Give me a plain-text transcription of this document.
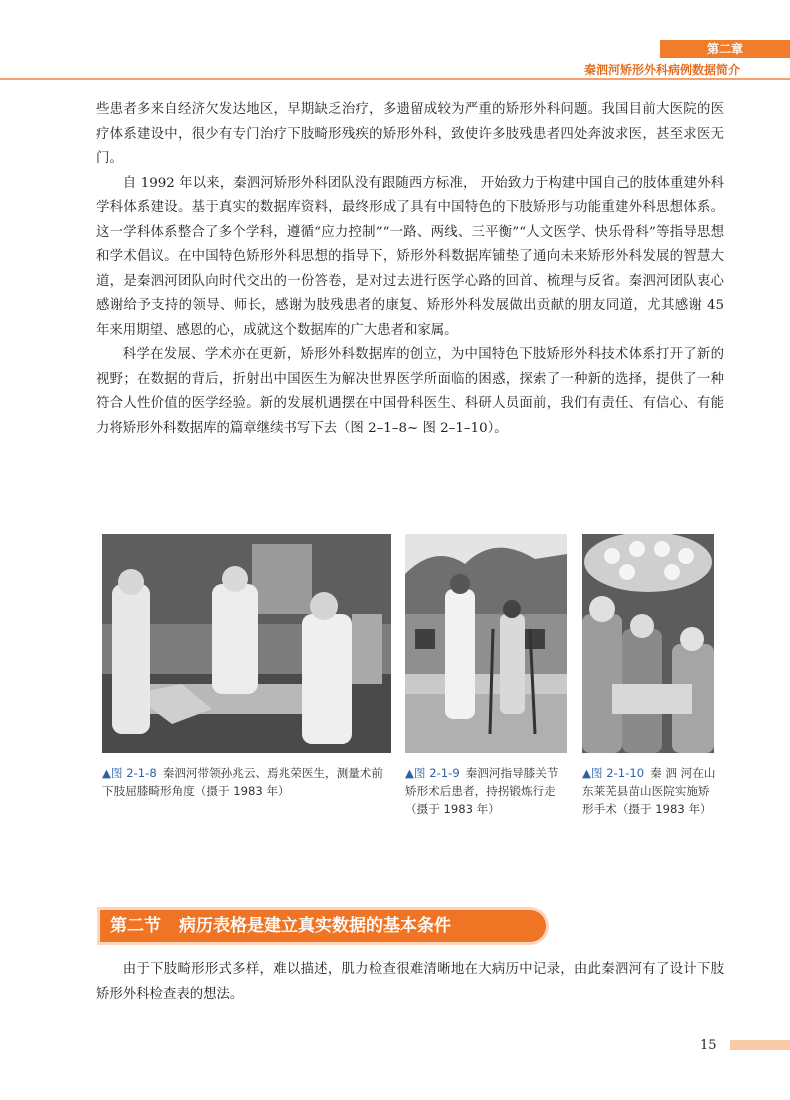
第二章
秦泗河矫形外科病例数据简介

些患者多来自经济欠发达地区，早期缺乏治疗，多遗留成较为严重的矫形外科问题。我国目前大医院的医疗体系建设中，很少有专门治疗下肢畸形残疾的矫形外科，致使许多肢残患者四处奔波求医，甚至求医无门。

自 1992 年以来，秦泗河矫形外科团队没有跟随西方标准， 开始致力于构建中国自己的肢体重建外科学科体系建设。基于真实的数据库资料，最终形成了具有中国特色的下肢矫形与功能重建外科思想体系。这一学科体系整合了多个学科，遵循“应力控制”“一路、两线、三平衡”“人文医学、快乐骨科”等指导思想和学术倡议。在中国特色矫形外科思想的指导下，矫形外科数据库铺垫了通向未来矫形外科发展的智慧大道，是秦泗河团队向时代交出的一份答卷，是对过去进行医学心路的回首、梳理与反省。秦泗河团队衷心感谢给予支持的领导、师长，感谢为肢残患者的康复、矫形外科发展做出贡献的朋友同道，尤其感谢 45 年来用期望、感恩的心，成就这个数据库的广大患者和家属。

科学在发展、学术亦在更新，矫形外科数据库的创立，为中国特色下肢矫形外科技术体系打开了新的视野；在数据的背后，折射出中国医生为解决世界医学所面临的困惑，探索了一种新的选择，提供了一种符合人性价值的医学经验。新的发展机遇摆在中国骨科医生、科研人员面前，我们有责任、有信心、有能力将矫形外科数据库的篇章继续书写下去（图 2–1–8~ 图 2–1–10）。

▲图 2-1-8 秦泗河带领孙兆云、焉兆荣医生，测量术前下肢屈膝畸形角度（摄于 1983 年）
▲图 2-1-9 秦泗河指导膝关节矫形术后患者，持拐锻炼行走（摄于 1983 年）
▲图 2-1-10 秦 泗 河在山东莱芜县苗山医院实施矫形手术（摄于 1983 年）
第二节 病历表格是建立真实数据的基本条件

由于下肢畸形形式多样，难以描述，肌力检查很难清晰地在大病历中记录，由此秦泗河有了设计下肢矫形外科检查表的想法。

15
